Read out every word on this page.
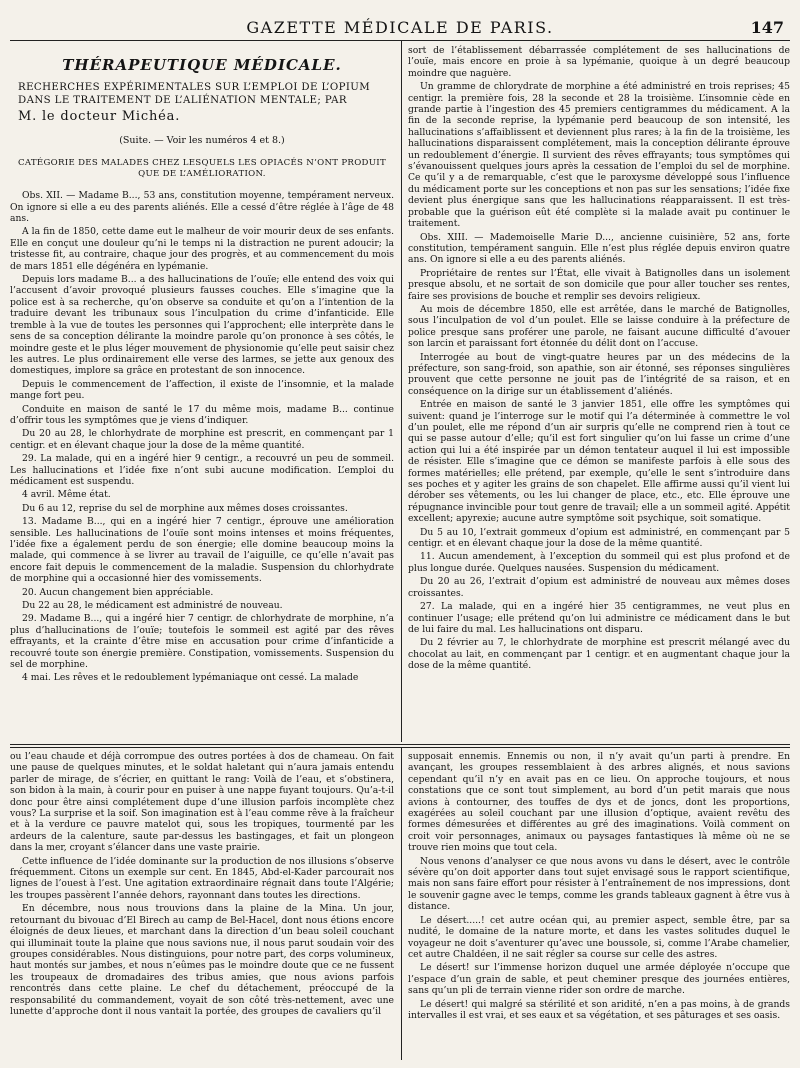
GAZETTE MÉDICALE DE PARIS.	147
THÉRAPEUTIQUE MÉDICALE.
RECHERCHES EXPÉRIMENTALES SUR L’EMPLOI DE L’OPIUM DANS LE TRAITEMENT DE L’ALIÉNATION MENTALE; PAR
M. le docteur Michéa.
(Suite. — Voir les numéros 4 et 8.)
CATÉGORIE DES MALADES CHEZ LESQUELS LES OPIACÉS N’ONT PRODUIT QUE DE L’AMÉLIORATION.

Obs. XII. — Madame B..., 53 ans, constitution moyenne, tempérament nerveux. On ignore si elle a eu des parents aliénés. Elle a cessé d’être réglée à l’âge de 48 ans.

A la fin de 1850, cette dame eut le malheur de voir mourir deux de ses enfants. Elle en conçut une douleur qu’ni le temps ni la distraction ne purent adoucir; la tristesse fit, au contraire, chaque jour des progrès, et au commencement du mois de mars 1851 elle dégénéra en lypémanie.

Depuis lors madame B... a des hallucinations de l’ouïe; elle entend des voix qui l’accusent d’avoir provoqué plusieurs fausses couches. Elle s’imagine que la police est à sa recherche, qu’on observe sa conduite et qu’on a l’intention de la traduire devant les tribunaux sous l’inculpation du crime d’infanticide. Elle tremble à la vue de toutes les personnes qui l’approchent; elle interprète dans le sens de sa conception délirante la moindre parole qu’on prononce à ses côtés, le moindre geste et le plus léger mouvement de physionomie qu’elle peut saisir chez les autres. Le plus ordinairement elle verse des larmes, se jette aux genoux des domestiques, implore sa grâce en protestant de son innocence.

Depuis le commencement de l’affection, il existe de l’insomnie, et la malade mange fort peu.

Conduite en maison de santé le 17 du même mois, madame B... continue d’offrir tous les symptômes que je viens d’indiquer.

Du 20 au 28, le chlorhydrate de morphine est prescrit, en commençant par 1 centigr. et en élevant chaque jour la dose de la même quantité.

29. La malade, qui en a ingéré hier 9 centigr., a recouvré un peu de sommeil. Les hallucinations et l’idée fixe n’ont subi aucune modification. L’emploi du médicament est suspendu.

4 avril. Même état.

Du 6 au 12, reprise du sel de morphine aux mêmes doses croissantes.

13. Madame B..., qui en a ingéré hier 7 centigr., éprouve une amélioration sensible. Les hallucinations de l’ouïe sont moins intenses et moins fréquentes, l’idée fixe a également perdu de son énergie; elle domine beaucoup moins la malade, qui commence à se livrer au travail de l’aiguille, ce qu’elle n’avait pas encore fait depuis le commencement de la maladie. Suspension du chlorhydrate de morphine qui a occasionné hier des vomissements.

20. Aucun changement bien appréciable.

Du 22 au 28, le médicament est administré de nouveau.

29. Madame B..., qui a ingéré hier 7 centigr. de chlorhydrate de morphine, n’a plus d’hallucinations de l’ouïe; toutefois le sommeil est agité par des rêves effrayants, et la crainte d’être mise en accusation pour crime d’infanticide a recouvré toute son énergie première. Constipation, vomissements. Suspension du sel de morphine.

4 mai. Les rêves et le redoublement lypémaniaque ont cessé. La malade

sort de l’établissement débarrassée complétement de ses hallucinations de l’ouïe, mais encore en proie à sa lypémanie, quoique à un degré beaucoup moindre que naguère.

Un gramme de chlorydrate de morphine a été administré en trois reprises; 45 centigr. la première fois, 28 la seconde et 28 la troisième. L’insomnie cède en grande partie à l’ingestion des 45 premiers centigrammes du médicament. A la fin de la seconde reprise, la lypémanie perd beaucoup de son intensité, les hallucinations s’affaiblissent et deviennent plus rares; à la fin de la troisième, les hallucinations disparaissent complétement, mais la conception délirante éprouve un redoublement d’énergie. Il survient des rêves effrayants; tous symptômes qui s’évanouissent quelques jours après la cessation de l’emploi du sel de morphine. Ce qu’il y a de remarquable, c’est que le paroxysme développé sous l’influence du médicament porte sur les conceptions et non pas sur les sensations; l’idée fixe devient plus énergique sans que les hallucinations réapparaissent. Il est très-probable que la guérison eût été complète si la malade avait pu continuer le traitement.

Obs. XIII. — Mademoiselle Marie D..., ancienne cuisinière, 52 ans, forte constitution, tempérament sanguin. Elle n’est plus réglée depuis environ quatre ans. On ignore si elle a eu des parents aliénés.

Propriétaire de rentes sur l’État, elle vivait à Batignolles dans un isolement presque absolu, et ne sortait de son domicile que pour aller toucher ses rentes, faire ses provisions de bouche et remplir ses devoirs religieux.

Au mois de décembre 1850, elle est arrêtée, dans le marché de Batignolles, sous l’inculpation de vol d’un poulet. Elle se laisse conduire à la préfecture de police presque sans proférer une parole, ne faisant aucune difficulté d’avouer son larcin et paraissant fort étonnée du délit dont on l’accuse.

Interrogée au bout de vingt-quatre heures par un des médecins de la préfecture, son sang-froid, son apathie, son air étonné, ses réponses singulières prouvent que cette personne ne jouit pas de l’intégrité de sa raison, et en conséquence on la dirige sur un établissement d’aliénés.

Entrée en maison de santé le 3 janvier 1851, elle offre les symptômes qui suivent: quand je l’interroge sur le motif qui l’a déterminée à commettre le vol d’un poulet, elle me répond d’un air surpris qu’elle ne comprend rien à tout ce qui se passe autour d’elle; qu’il est fort singulier qu’on lui fasse un crime d’une action qui lui a été inspirée par un démon tentateur auquel il lui est impossible de résister. Elle s’imagine que ce démon se manifeste parfois à elle sous des formes matérielles; elle prétend, par exemple, qu’elle le sent s’introduire dans ses poches et y agiter les grains de son chapelet. Elle affirme aussi qu’il vient lui dérober ses vêtements, ou les lui changer de place, etc., etc. Elle éprouve une répugnance invincible pour tout genre de travail; elle a un sommeil agité. Appétit excellent; apyrexie; aucune autre symptôme soit psychique, soit somatique.

Du 5 au 10, l’extrait gommeux d’opium est administré, en commençant par 5 centigr. et en élevant chaque jour la dose de la même quantité.

11. Aucun amendement, à l’exception du sommeil qui est plus profond et de plus longue durée. Quelques nausées. Suspension du médicament.

Du 20 au 26, l’extrait d’opium est administré de nouveau aux mêmes doses croissantes.

27. La malade, qui en a ingéré hier 35 centigrammes, ne veut plus en continuer l’usage; elle prétend qu’on lui administre ce médicament dans le but de lui faire du mal. Les hallucinations ont disparu.

Du 2 février au 7, le chlorhydrate de morphine est prescrit mélangé avec du chocolat au lait, en commençant par 1 centigr. et en augmentant chaque jour la dose de la même quantité.

ou l’eau chaude et déjà corrompue des outres portées à dos de chameau. On fait une pause de quelques minutes, et le soldat haletant qui n’aura jamais entendu parler de mirage, de s’écrier, en quittant le rang: Voilà de l’eau, et s’obstinera, son bidon à la main, à courir pour en puiser à une nappe fuyant toujours. Qu’a-t-il donc pour être ainsi complétement dupe d’une illusion parfois incomplète chez vous? La surprise et la soif. Son imagination est à l’eau comme rêve à la fraîcheur et à la verdure ce pauvre matelot qui, sous les tropiques, tourmenté par les ardeurs de la calenture, saute par-dessus les bastingages, et fait un plongeon dans la mer, croyant s’élancer dans une vaste prairie.

Cette influence de l’idée dominante sur la production de nos illusions s’observe fréquemment. Citons un exemple sur cent. En 1845, Abd-el-Kader parcourait nos lignes de l’ouest à l’est. Une agitation extraordinaire régnait dans toute l’Algérie; les troupes passèrent l’année dehors, rayonnant dans toutes les directions.

En décembre, nous nous trouvions dans la plaine de la Mina. Un jour, retournant du bivouac d’El Birech au camp de Bel-Hacel, dont nous étions encore éloignés de deux lieues, et marchant dans la direction d’un beau soleil couchant qui illuminait toute la plaine que nous savions nue, il nous parut soudain voir des groupes considérables. Nous distinguions, pour notre part, des corps volumineux, haut montés sur jambes, et nous n’eûmes pas le moindre doute que ce ne fussent les troupeaux de dromadaires des tribus amies, que nous avions parfois rencontrés dans cette plaine. Le chef du détachement, préoccupé de la responsabilité du commandement, voyait de son côté très-nettement, avec une lunette d’approche dont il nous vantait la portée, des groupes de cavaliers qu’il

supposait ennemis. Ennemis ou non, il n’y avait qu’un parti à prendre. En avançant, les groupes ressemblaient à des arbres alignés, et nous savions cependant qu’il n’y en avait pas en ce lieu. On approche toujours, et nous constations que ce sont tout simplement, au bord d’un petit marais que nous avions à contourner, des touffes de dys et de joncs, dont les proportions, exagérées au soleil couchant par une illusion d’optique, avaient revêtu des formes démesurées et différentes au gré des imaginations. Voilà comment on croit voir personnages, animaux ou paysages fantastiques là même où ne se trouve rien moins que tout cela.

Nous venons d’analyser ce que nous avons vu dans le désert, avec le contrôle sévère qu’on doit apporter dans tout sujet envisagé sous le rapport scientifique, mais non sans faire effort pour résister à l’entraînement de nos impressions, dont le souvenir gagne avec le temps, comme les grands tableaux gagnent à être vus à distance.

Le désert.....! cet autre océan qui, au premier aspect, semble être, par sa nudité, le domaine de la nature morte, et dans les vastes solitudes duquel le voyageur ne doit s’aventurer qu’avec une boussole, si, comme l’Arabe chamelier, cet autre Chaldéen, il ne sait régler sa course sur celle des astres.

Le désert! sur l’immense horizon duquel une armée déployée n’occupe que l’espace d’un grain de sable, et peut cheminer presque des journées entières, sans qu’un pli de terrain vienne rider son ordre de marche.

Le désert! qui malgré sa stérilité et son aridité, n’en a pas moins, à de grands intervalles il est vrai, et ses eaux et sa végétation, et ses pâturages et ses oasis.
